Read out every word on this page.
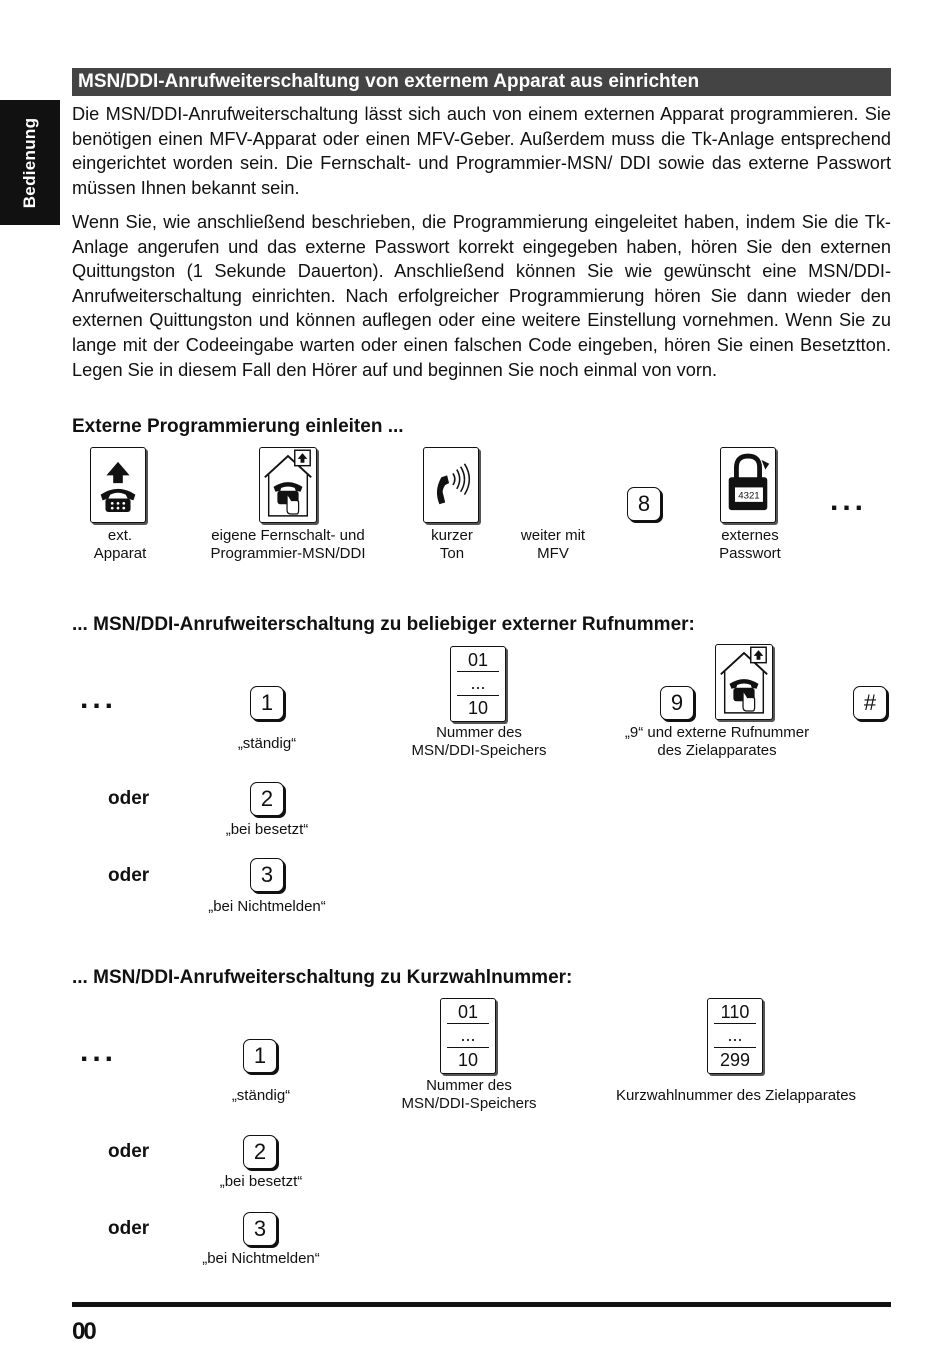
Bedienung
MSN/DDI-Anrufweiterschaltung von externem Apparat aus einrichten

Die MSN/DDI-Anrufweiterschaltung lässt sich auch von einem externen Apparat programmieren. Sie benötigen einen MFV-Apparat oder einen MFV-Geber. Außerdem muss die Tk-Anlage entsprechend eingerichtet worden sein. Die Fernschalt- und Programmier-MSN/ DDI sowie das externe Passwort müssen Ihnen bekannt sein.

Wenn Sie, wie anschließend beschrieben, die Programmierung eingeleitet haben, indem Sie die Tk-Anlage angerufen und das externe Passwort korrekt eingegeben haben, hören Sie den externen Quittungston (1 Sekunde Dauerton). Anschließend können Sie wie gewünscht eine MSN/DDI-Anrufweiterschaltung einrichten. Nach erfolgreicher Programmierung hören Sie dann wieder den externen Quittungston und können auflegen oder eine weitere Einstellung vornehmen. Wenn Sie zu lange mit der Codeeingabe warten oder einen falschen Code eingeben, hören Sie einen Besetztton. Legen Sie in diesem Fall den Hörer auf und beginnen Sie noch einmal von vorn.

Externe Programmierung einleiten ...
ext.
Apparat
eigene Fernschalt- und
Programmier-MSN/DDI
kurzer
Ton
weiter mit
MFV
8	4321
externes
Passwort
...
... MSN/DDI-Anrufweiterschaltung zu beliebiger externer Rufnummer:
...	1
„ständig“
01
...
10
Nummer des
MSN/DDI-Speichers
9
„9“ und externe Rufnummer
des Zielapparates
#
oder	2
„bei besetzt“
oder	3
„bei Nichtmelden“
... MSN/DDI-Anrufweiterschaltung zu Kurzwahlnummer:
...	1
„ständig“
01
...
10
Nummer des
MSN/DDI-Speichers
110
...
299
Kurzwahlnummer des Zielapparates
oder	2
„bei besetzt“
oder	3
„bei Nichtmelden“
00
